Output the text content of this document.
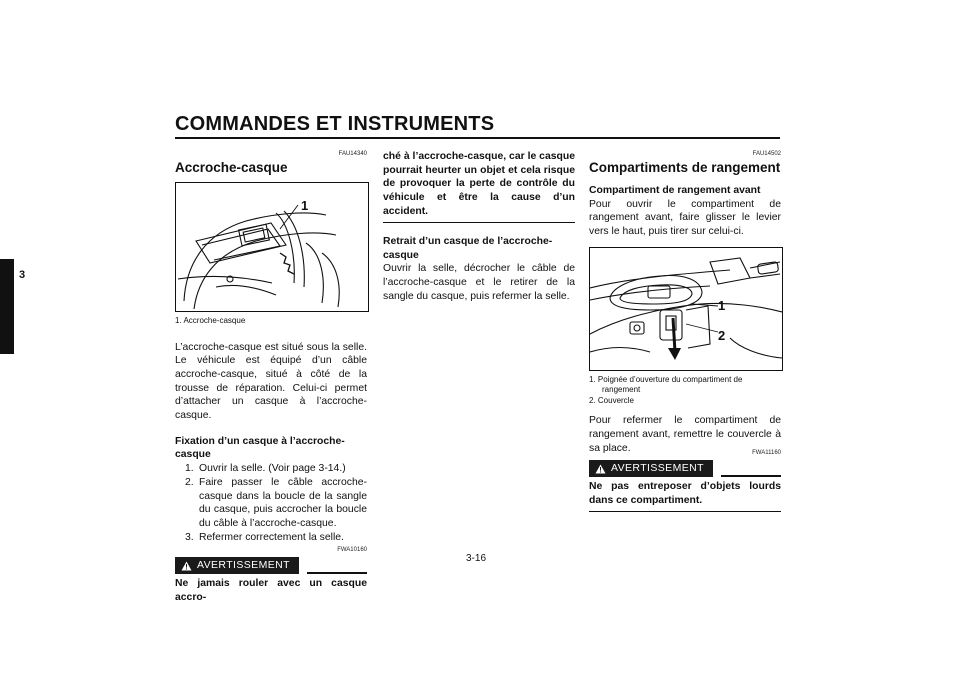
COMMANDES ET INSTRUMENTS
3
FAU14340
Accroche-casque
1
1. Accroche-casque

L’accroche-casque est situé sous la selle. Le véhicule est équipé d’un câble accroche-casque, situé à côté de la trousse de réparation. Celui-ci permet d’attacher un casque à l’accroche-casque.

Fixation d’un casque à l’accroche-casque
1. Ouvrir la selle. (Voir page 3-14.)
2. Faire passer le câble accroche-casque dans la boucle de la sangle du casque, puis accrocher la boucle du câble à l’accroche-casque.
3. Refermer correctement la selle.
FWA10160
AVERTISSEMENT

Ne jamais rouler avec un casque accro-

ché à l’accroche-casque, car le casque pourrait heurter un objet et cela risque de provoquer la perte de contrôle du véhicule et être la cause d’un accident.

Retrait d’un casque de l’accroche-casque

Ouvrir la selle, décrocher le câble de l’accroche-casque et le retirer de la sangle du casque, puis refermer la selle.

FAU14502
Compartiments de rangement
Compartiment de rangement avant

Pour ouvrir le compartiment de rangement avant, faire glisser le levier vers le haut, puis tirer sur celui-ci.

1
2
1. Poignée d’ouverture du compartiment de
rangement
2. Couvercle

Pour refermer le compartiment de rangement avant, remettre le couvercle à sa place.	FWA11160
AVERTISSEMENT

Ne pas entreposer d’objets lourds dans ce compartiment.

3-16
